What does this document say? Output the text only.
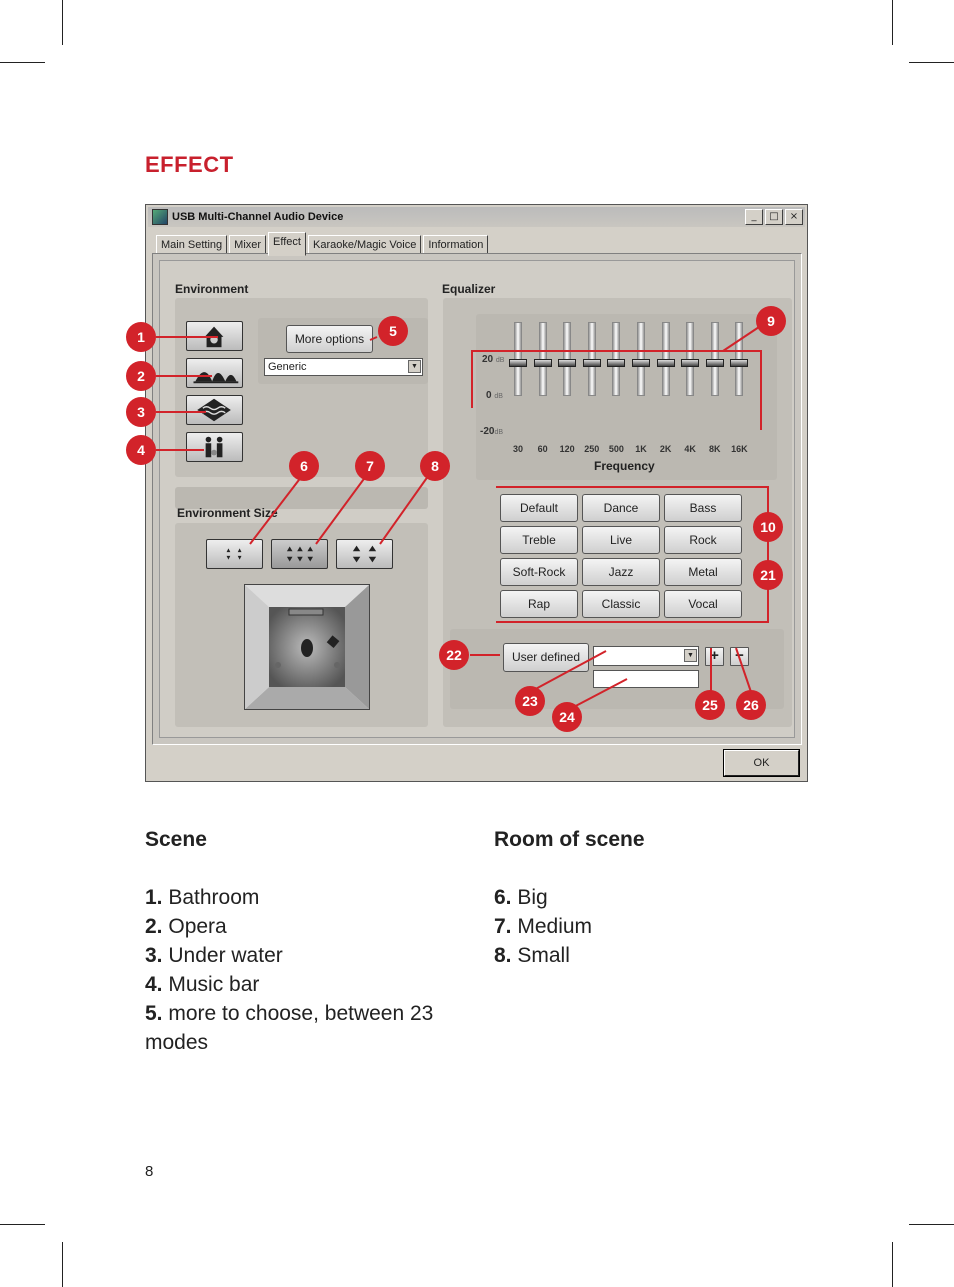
EFFECT
USB Multi-Channel Audio Device	_	□	×
Main Setting	Mixer	Effect	Karaoke/Magic Voice	Information
Environment
More options
Generic	▼
Environment Size
Equalizer
20 dB
0 dB
-20dB
30	60	120	250	500	1K	2K	4K	8K	16K
Frequency
Default	Dance	Bass
Treble	Live	Rock
Soft-Rock	Jazz	Metal
Rap	Classic	Vocal
User defined	▼	+	−
OK
1
2
3
4
5
6	7	8
9
10
21
22
23
24
25	26
Scene
1. Bathroom
2. Opera
3. Under water
4. Music bar
5. more to choose, between 23 modes
Room of scene
6. Big
7. Medium
8. Small
8
